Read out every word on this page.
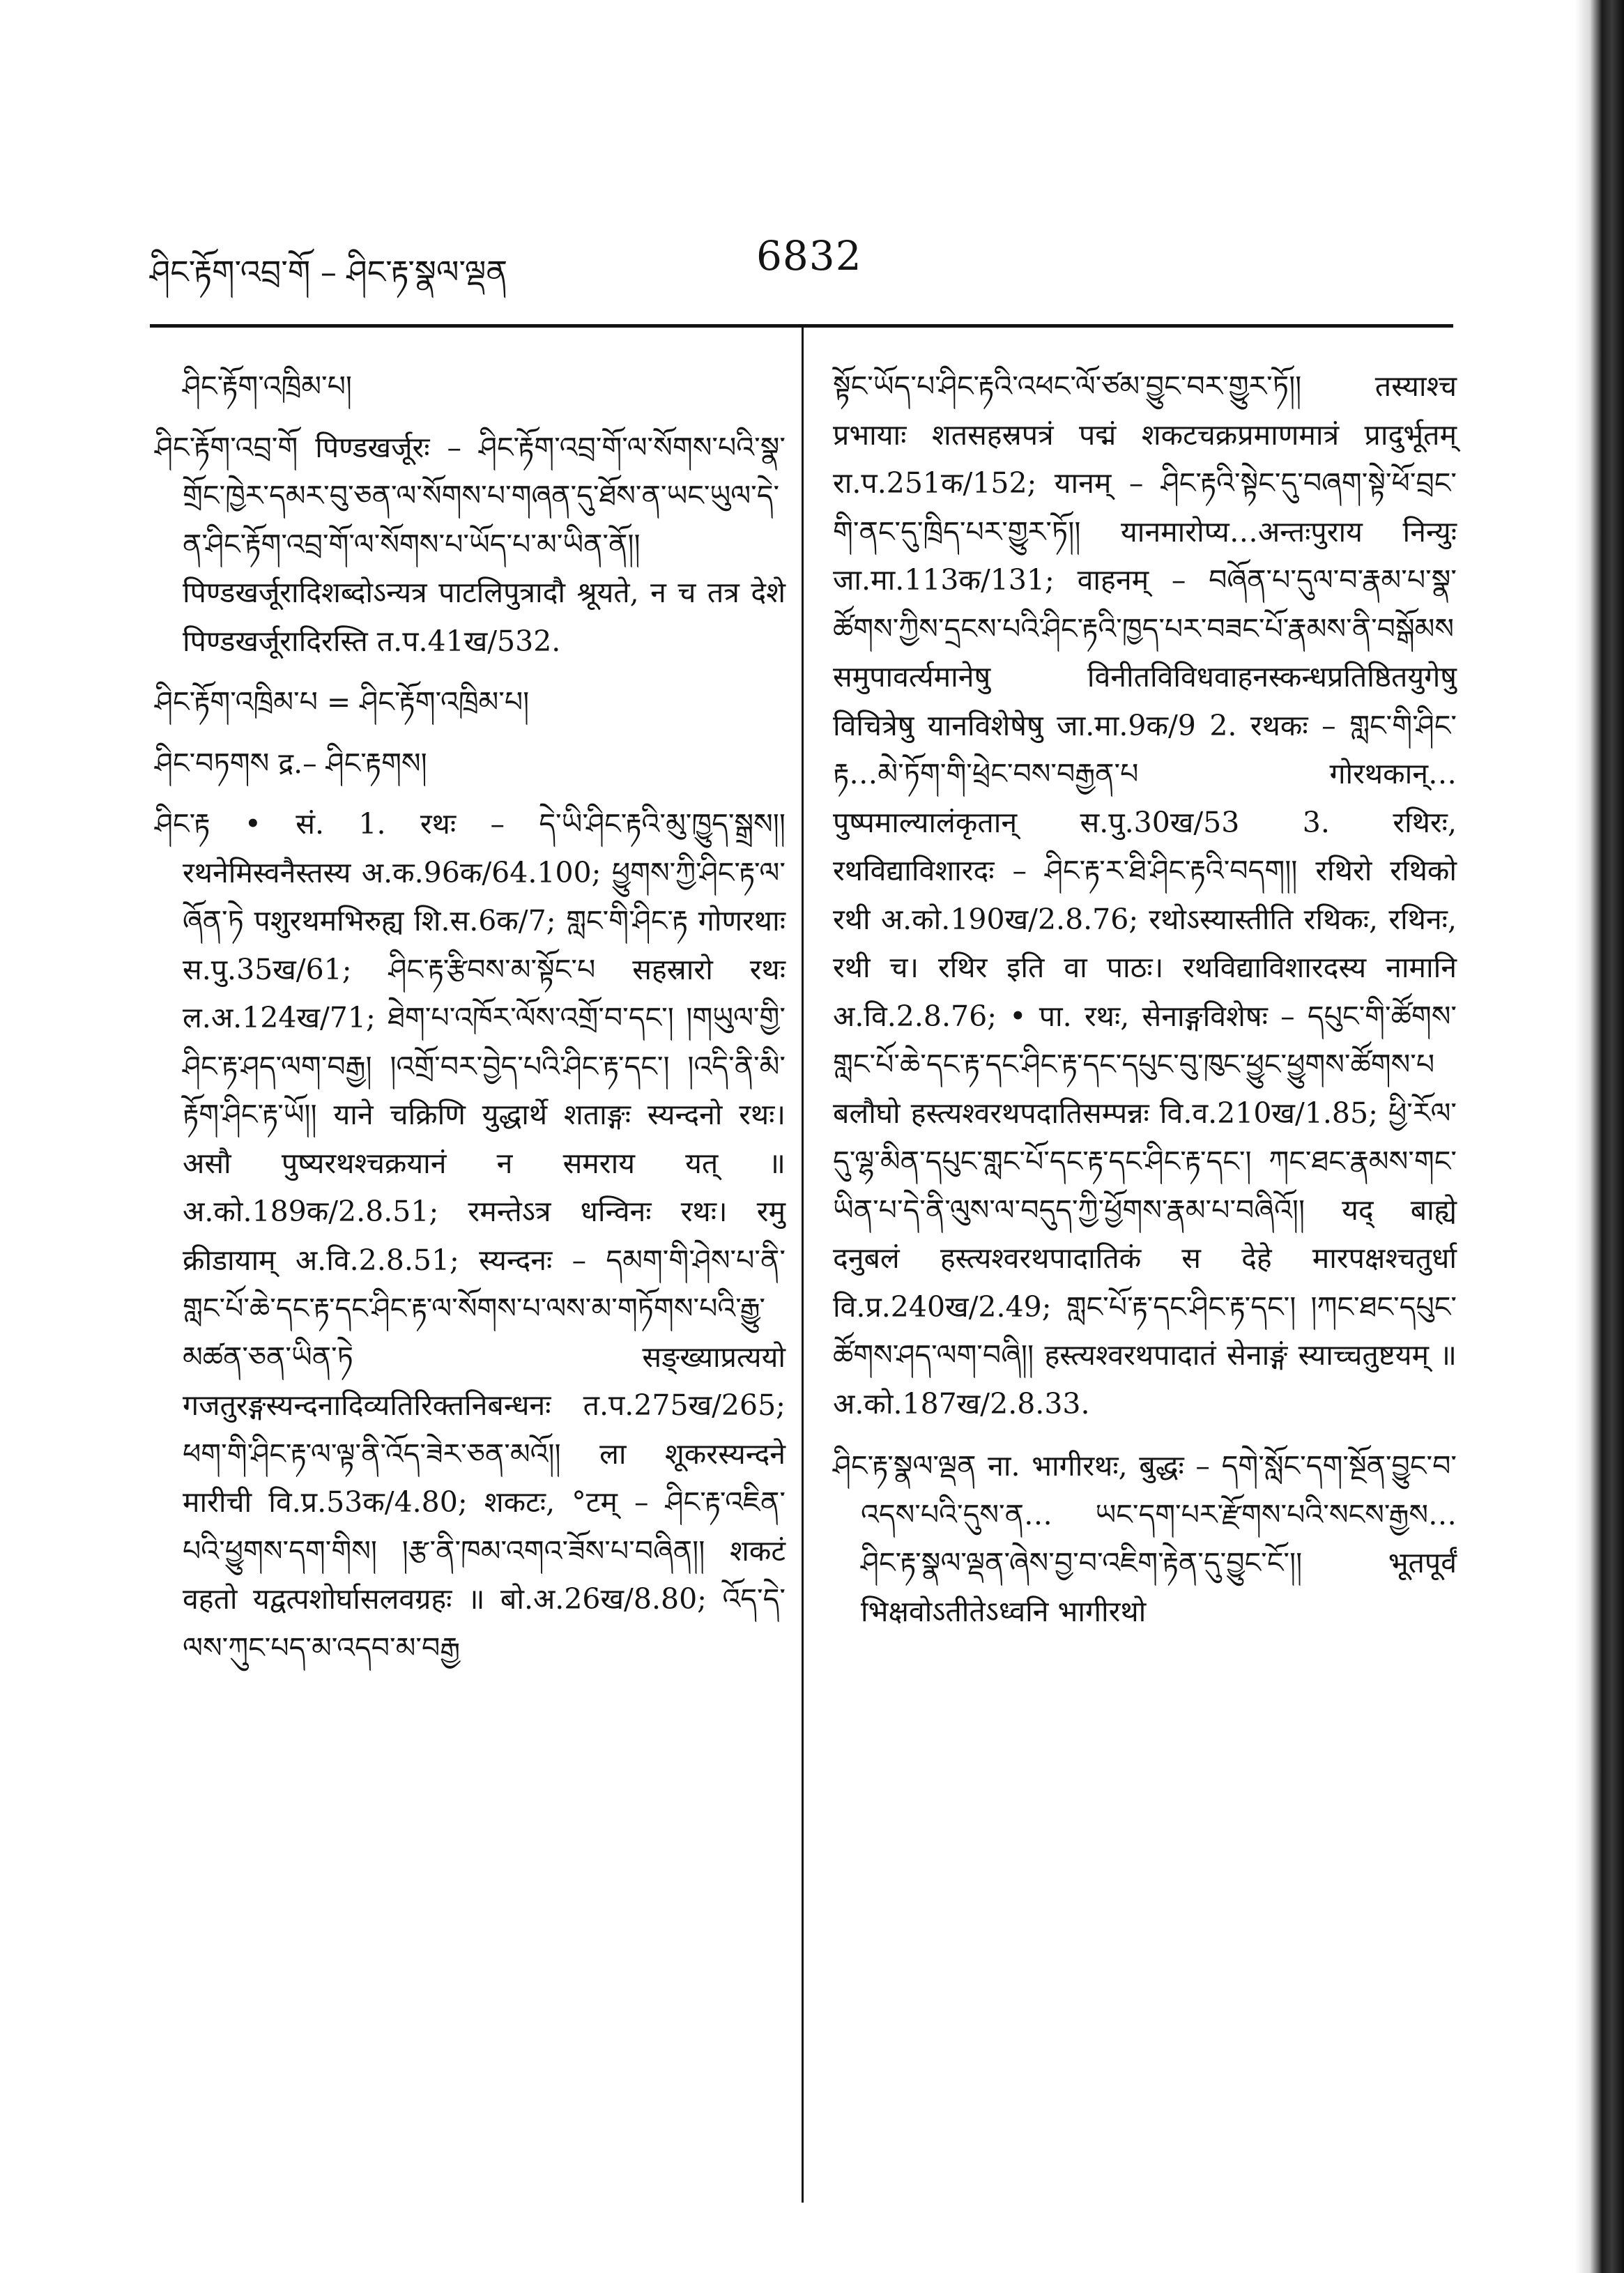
ཤིང་རྟོག་འབྲ་གོ – ཤིང་རྟ་སྣལ་ལྡན	6832
ཤིང་རྟོག་འཁྲིམ་པ།
ཤིང་རྟོག་འབྲ་གོ पिण्डखर्जूरः – ཤིང་རྟོག་འབྲ་གོ་ལ་སོགས་པའི་སྣ་གྲོང་ཁྱེར་དམར་བུ་ཅན་ལ་སོགས་པ་གཞན་དུ་ཐོས་ན་ཡང་ཡུལ་དེ་ན་ཤིང་རྟོག་འབྲ་གོ་ལ་སོགས་པ་ཡོད་པ་མ་ཡིན་ནོ།། पिण्डखर्जूरादिशब्दोऽन्यत्र पाटलिपुत्रादौ श्रूयते, न च तत्र देशे पिण्डखर्जूरादिरस्ति त.प.41ख/532.
ཤིང་རྟོག་འཁྲིམ་པ = ཤིང་རྟོག་འཁྲིམ་པ།
ཤིང་བཏགས द्र.– ཤིང་རྟགས།
ཤིང་རྟ • सं. 1. रथः – དེ་ཡི་ཤིང་རྟའི་མུ་ཁྱུད་སྒྲས།། रथनेमिस्वनैस्तस्य अ.क.96क/64.100; ཕྱུགས་ཀྱི་ཤིང་རྟ་ལ་ཞོན་ཏེ पशुरथमभिरुह्य शि.स.6क/7; གླང་གི་ཤིང་རྟ गोणरथाः स.पु.35ख/61; ཤིང་རྟ་རྩིབས་མ་སྟོང་པ सहस्रारो रथः ल.अ.124ख/71; ཐེག་པ་འཁོར་ལོས་འགྲོ་བ་དང་། །གཡུལ་གྱི་ཤིང་རྟ་ཤད་ལག་བརྒྱ། །འགྲོ་བར་བྱེད་པའི་ཤིང་རྟ་དང་། །འདི་ནི་མི་རྟོག་ཤིང་རྟ་ཡོ།། याने चक्रिणि युद्धार्थे शताङ्गः स्यन्दनो रथः। असौ पुष्यरथश्चक्रयानं न समराय यत् ॥ अ.को.189क/2.8.51; रमन्तेऽत्र धन्विनः रथः। रमु क्रीडायाम् अ.वि.2.8.51; स्यन्दनः – དམག་གི་ཤེས་པ་ནི་གླང་པོ་ཆེ་དང་རྟ་དང་ཤིང་རྟ་ལ་སོགས་པ་ལས་མ་གཏོགས་པའི་རྒྱུ་མཚན་ཅན་ཡིན་ཏེ सङ्ख्याप्रत्ययो गजतुरङ्गस्यन्दनादिव्यतिरिक्तनिबन्धनः त.प.275ख/265; ཕག་གི་ཤིང་རྟ་ལ་ལྟ་ནི་འོད་ཟེར་ཅན་མའོ།། ला शूकरस्यन्दने मारीची वि.प्र.53क/4.80; शकटः, °टम् – ཤིང་རྟ་འཇིན་པའི་ཕྱུགས་དག་གིས། །རྩ་ནི་ཁམ་འགའ་ཟོས་པ་བཞིན།། शकटं वहतो यद्वत्पशोर्घासलवग्रहः ॥ बो.अ.26ख/8.80; འོད་དེ་ལས་ཀུང་པད་མ་འདབ་མ་བརྒྱ
སྟོང་ཡོད་པ་ཤིང་རྟའི་འཕང་ལོ་ཙམ་བྱུང་བར་གྱུར་ཏོ།། तस्याश्च प्रभायाः शतसहस्रपत्रं पद्मं शकटचक्रप्रमाणमात्रं प्रादुर्भूतम् रा.प.251क/152; यानम् – ཤིང་རྟའི་སྟེང་དུ་བཞག་སྟེ་ཕོ་བྲང་གི་ནང་དུ་ཁྲིད་པར་གྱུར་ཏོ།། यानमारोप्य…अन्तःपुराय निन्युः जा.मा.113क/131; वाहनम् – བཞོན་པ་དུལ་བ་རྣམ་པ་སྣ་ཚོགས་ཀྱིས་དྲངས་པའི་ཤིང་རྟའི་ཁྱད་པར་བཟང་པོ་རྣམས་ནི་བསྒོམས समुपावर्त्यमानेषु विनीतविविधवाहनस्कन्धप्रतिष्ठितयुगेषु विचित्रेषु यानविशेषेषु जा.मा.9क/9 2. रथकः – གླང་གི་ཤིང་རྟ…མེ་ཏོག་གི་ཕྲེང་བས་བརྒྱན་པ गोरथकान्…पुष्पमाल्यालंकृतान् स.पु.30ख/53 3. रथिरः, रथविद्याविशारदः – ཤིང་རྟ་ར་ཐི་ཤིང་རྟའི་བདག།། रथिरो रथिको रथी अ.को.190ख/2.8.76; रथोऽस्यास्तीति रथिकः, रथिनः, रथी च। रथिर इति वा पाठः। रथविद्याविशारदस्य नामानि अ.वि.2.8.76; • पा. रथः, सेनाङ्गविशेषः – དཔུང་གི་ཚོགས་གླང་པོ་ཆེ་དང་རྟ་དང་ཤིང་རྟ་དང་དཔུང་བུ་ཁུང་ཕྱུང་ཕྱུགས་ཚོགས་པ बलौघो हस्त्यश्वरथपदातिसम्पन्नः वि.व.210ख/1.85; ཕྱི་རོལ་དུ་ལྷ་མིན་དཔུང་གླང་པོ་དང་རྟ་དང་ཤིང་རྟ་དང་། ཀང་ཐང་རྣམས་གང་ཡིན་པ་དེ་ནི་ལུས་ལ་བདུད་ཀྱི་ཕྱོགས་རྣམ་པ་བཞིའོ།། यद् बाह्ये दनुबलं हस्त्यश्वरथपादातिकं स देहे मारपक्षश्चतुर्धा वि.प्र.240ख/2.49; གླང་པོ་རྟ་དང་ཤིང་རྟ་དང་། །ཀང་ཐང་དཔུང་ཚོགས་ཤད་ལག་བཞི།། हस्त्यश्वरथपादातं सेनाङ्गं स्याच्चतुष्टयम् ॥ अ.को.187ख/2.8.33.
ཤིང་རྟ་སྣལ་ལྡན ना. भागीरथः, बुद्धः – དགེ་སློང་དག་སྔོན་བྱུང་བ་འདས་པའི་དུས་ན… ཡང་དག་པར་རྫོགས་པའི་སངས་རྒྱས…ཤིང་རྟ་སྣལ་ལྡན་ཞེས་བྱ་བ་འཇིག་རྟེན་དུ་བྱུང་ངོ་།། भूतपूर्वं भिक्षवोऽतीतेऽध्वनि भागीरथो
